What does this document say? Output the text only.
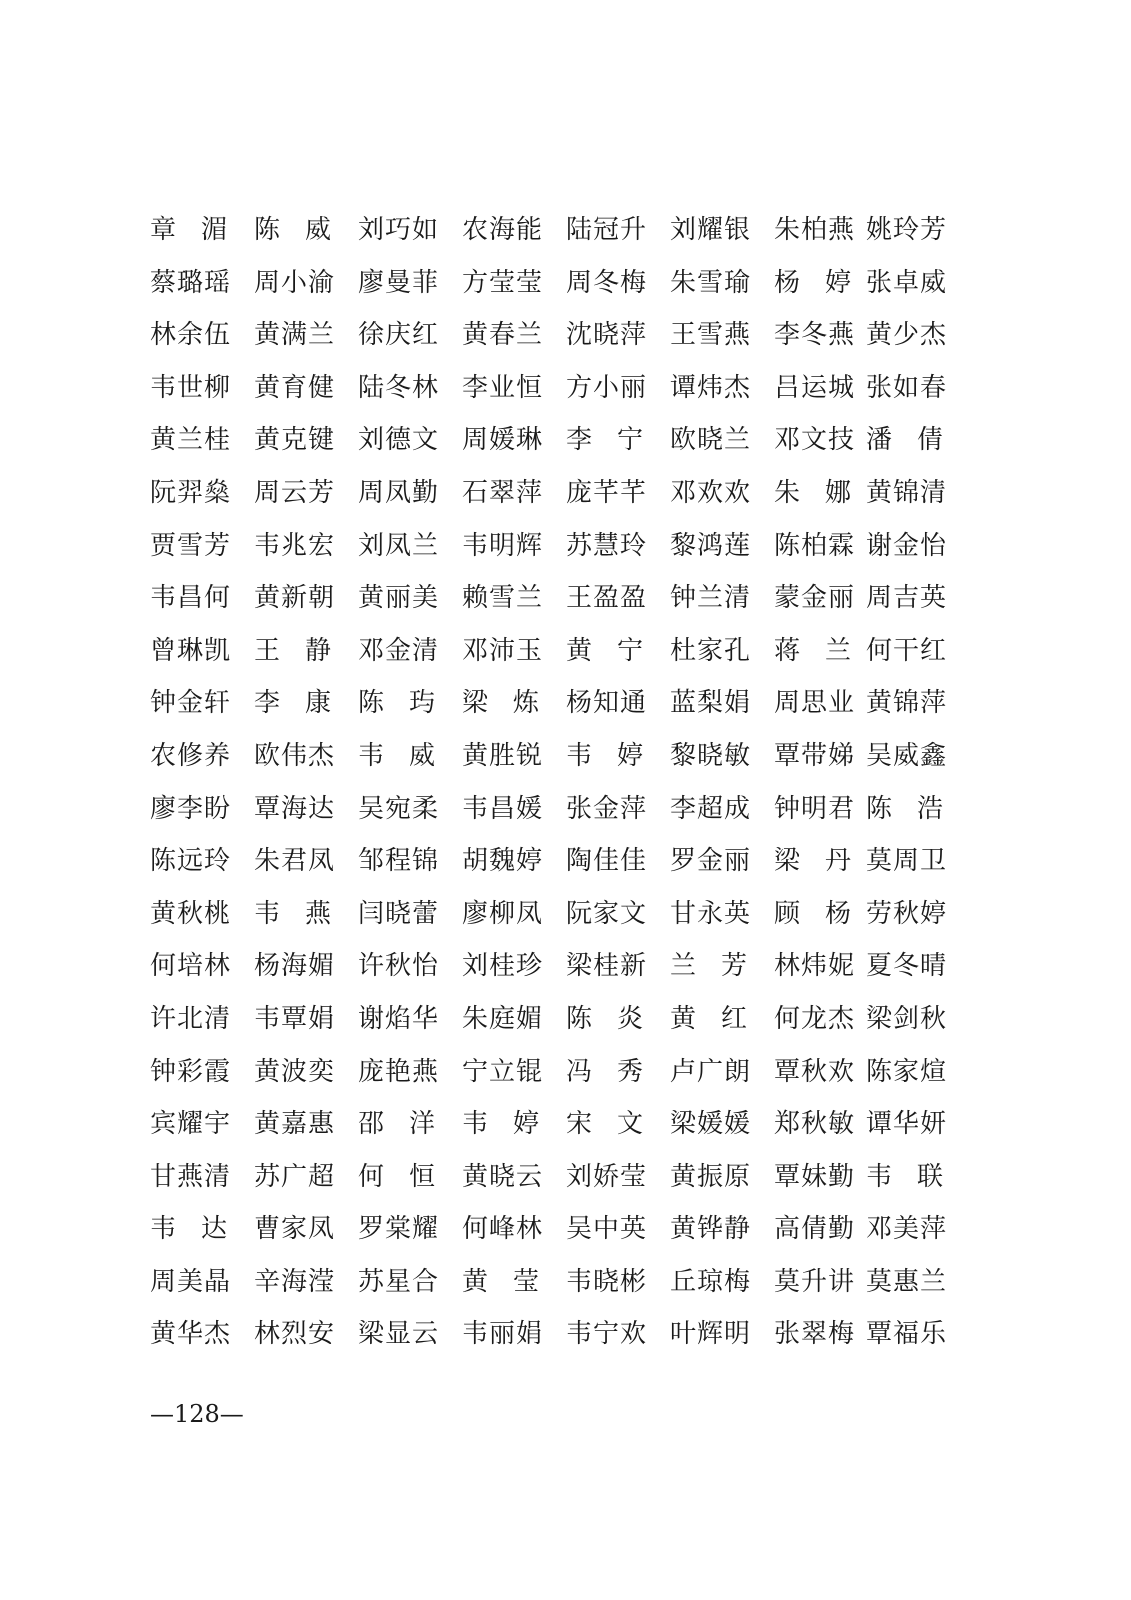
章 湄 陈 威 刘巧如 农海能 陆冠升 刘耀银 朱柏燕 姚玲芳
蔡璐瑶 周小渝 廖曼菲 方莹莹 周冬梅 朱雪瑜 杨 婷 张卓威
林余伍 黄满兰 徐庆红 黄春兰 沈晓萍 王雪燕 李冬燕 黄少杰
韦世柳 黄育健 陆冬林 李业恒 方小丽 谭炜杰 吕运城 张如春
黄兰桂 黄克键 刘德文 周媛琳 李 宁 欧晓兰 邓文技 潘 倩
阮羿燊 周云芳 周凤勤 石翠萍 庞芊芊 邓欢欢 朱 娜 黄锦清
贾雪芳 韦兆宏 刘凤兰 韦明辉 苏慧玲 黎鸿莲 陈柏霖 谢金怡
韦昌何 黄新朝 黄丽美 赖雪兰 王盈盈 钟兰清 蒙金丽 周吉英
曾琳凯 王 静 邓金清 邓沛玉 黄 宁 杜家孔 蒋 兰 何干红
钟金轩 李 康 陈 玙 梁 炼 杨知通 蓝梨娟 周思业 黄锦萍
农修养 欧伟杰 韦 威 黄胜锐 韦 婷 黎晓敏 覃带娣 吴威鑫
廖李盼 覃海达 吴宛柔 韦昌媛 张金萍 李超成 钟明君 陈 浩
陈远玲 朱君凤 邹程锦 胡魏婷 陶佳佳 罗金丽 梁 丹 莫周卫
黄秋桃 韦 燕 闫晓蕾 廖柳凤 阮家文 甘永英 顾 杨 劳秋婷
何培林 杨海媚 许秋怡 刘桂珍 梁桂新 兰 芳 林炜妮 夏冬晴
许北清 韦覃娟 谢焰华 朱庭媚 陈 炎 黄 红 何龙杰 梁剑秋
钟彩霞 黄波奕 庞艳燕 宁立锟 冯 秀 卢广朗 覃秋欢 陈家煊
宾耀宇 黄嘉惠 邵 洋 韦 婷 宋 文 梁媛媛 郑秋敏 谭华妍
甘燕清 苏广超 何 恒 黄晓云 刘娇莹 黄振原 覃妹勤 韦 联
韦 达 曹家凤 罗棠耀 何峰林 吴中英 黄铧静 高倩勤 邓美萍
周美晶 辛海滢 苏星合 黄 莹 韦晓彬 丘琼梅 莫升讲 莫惠兰
黄华杰 林烈安 梁显云 韦丽娟 韦宁欢 叶辉明 张翠梅 覃福乐
—128—
